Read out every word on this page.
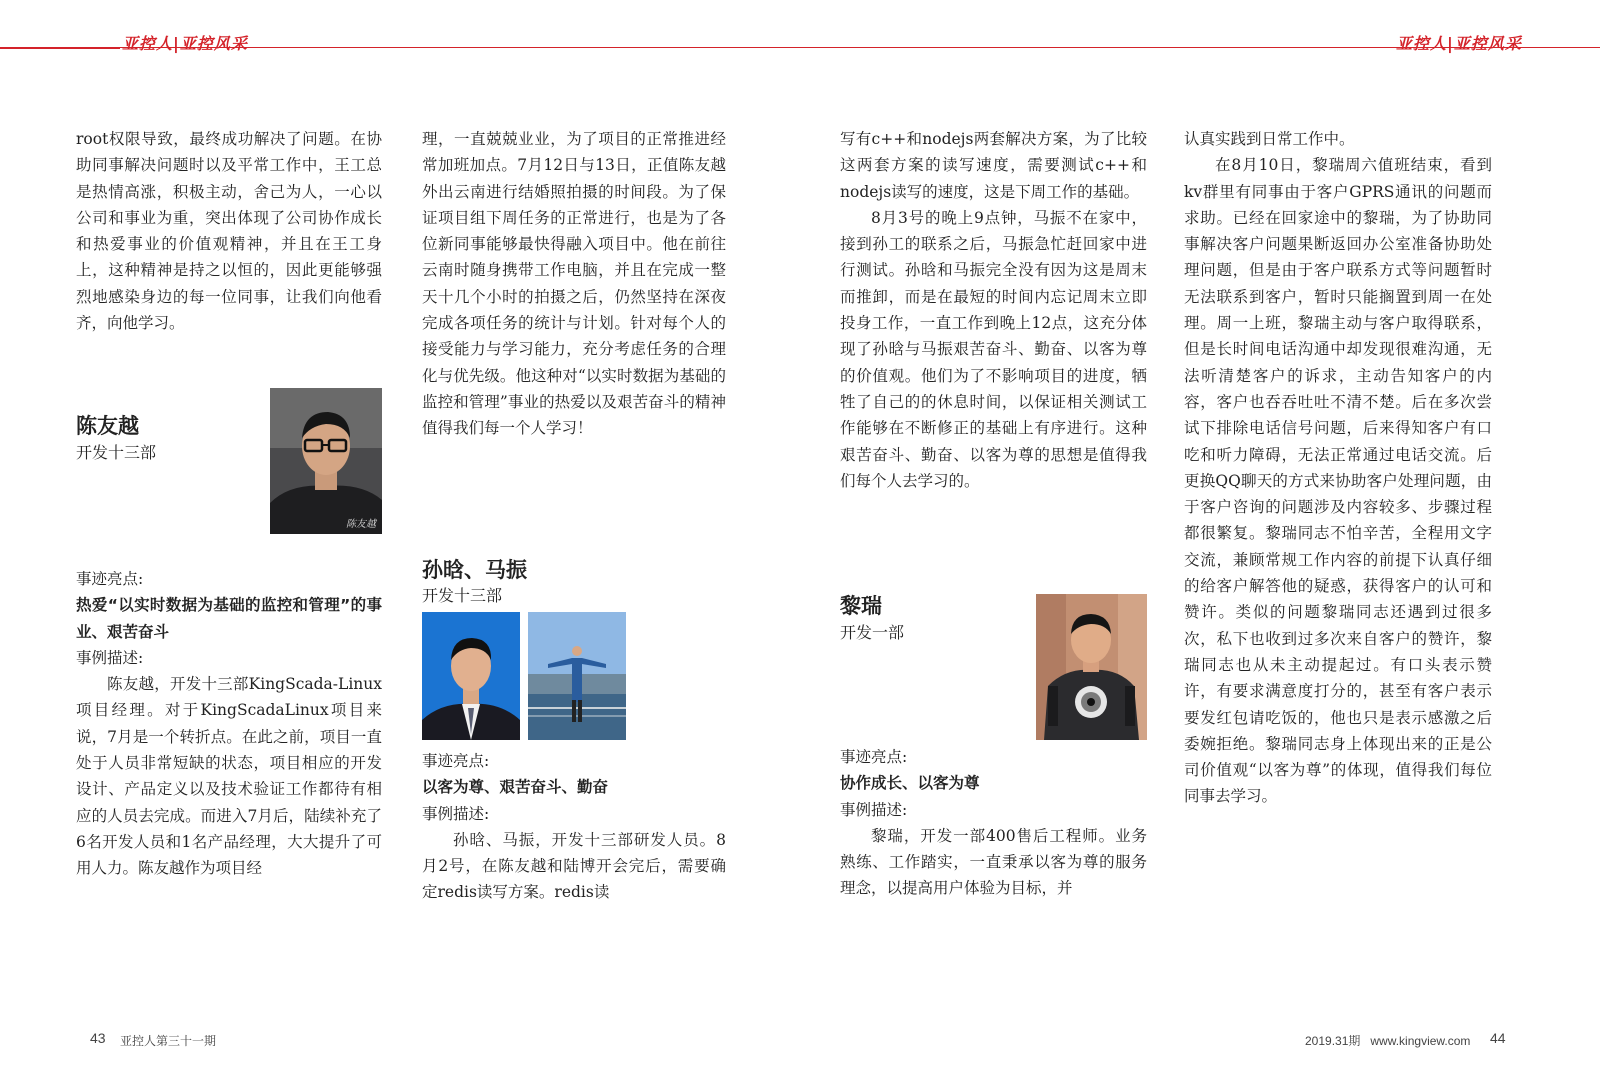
亚控人|亚控风采	亚控人|亚控风采

root权限导致，最终成功解决了问题。在协助同事解决问题时以及平常工作中，王工总是热情高涨，积极主动，舍己为人，一心以公司和事业为重，突出体现了公司协作成长和热爱事业的价值观精神，并且在王工身上，这种精神是持之以恒的，因此更能够强烈地感染身边的每一位同事，让我们向他看齐，向他学习。

陈友越
开发十三部
陈友越

事迹亮点:

热爱“以实时数据为基础的监控和管理”的事业、艰苦奋斗

事例描述:

陈友越，开发十三部KingScada-Linux项目经理。对于KingScadaLinux项目来说，7月是一个转折点。在此之前，项目一直处于人员非常短缺的状态，项目相应的开发设计、产品定义以及技术验证工作都待有相应的人员去完成。而进入7月后，陆续补充了6名开发人员和1名产品经理，大大提升了可用人力。陈友越作为项目经

理，一直兢兢业业，为了项目的正常推进经常加班加点。7月12日与13日，正值陈友越外出云南进行结婚照拍摄的时间段。为了保证项目组下周任务的正常进行，也是为了各位新同事能够最快得融入项目中。他在前往云南时随身携带工作电脑，并且在完成一整天十几个小时的拍摄之后，仍然坚持在深夜完成各项任务的统计与计划。针对每个人的接受能力与学习能力，充分考虑任务的合理化与优先级。他这种对“以实时数据为基础的监控和管理”事业的热爱以及艰苦奋斗的精神值得我们每一个人学习！

孙晗、马振
开发十三部

事迹亮点:

以客为尊、艰苦奋斗、勤奋

事例描述:

孙晗、马振，开发十三部研发人员。8月2号，在陈友越和陆博开会完后，需要确定redis读写方案。redis读

写有c++和nodejs两套解决方案，为了比较这两套方案的读写速度，需要测试c++和nodejs读写的速度，这是下周工作的基础。

8月3号的晚上9点钟，马振不在家中，接到孙工的联系之后，马振急忙赶回家中进行测试。孙晗和马振完全没有因为这是周末而推卸，而是在最短的时间内忘记周末立即投身工作，一直工作到晚上12点，这充分体现了孙晗与马振艰苦奋斗、勤奋、以客为尊的价值观。他们为了不影响项目的进度，牺牲了自己的的休息时间，以保证相关测试工作能够在不断修正的基础上有序进行。这种艰苦奋斗、勤奋、以客为尊的思想是值得我们每个人去学习的。

黎瑞
开发一部

事迹亮点:

协作成长、以客为尊

事例描述:

黎瑞，开发一部400售后工程师。业务熟练、工作踏实，一直秉承以客为尊的服务理念，以提高用户体验为目标，并

认真实践到日常工作中。

在8月10日，黎瑞周六值班结束，看到kv群里有同事由于客户GPRS通讯的问题而求助。已经在回家途中的黎瑞，为了协助同事解决客户问题果断返回办公室准备协助处理问题，但是由于客户联系方式等问题暂时无法联系到客户，暂时只能搁置到周一在处理。周一上班，黎瑞主动与客户取得联系，但是长时间电话沟通中却发现很难沟通，无法听清楚客户的诉求，主动告知客户的内容，客户也吞吞吐吐不清不楚。后在多次尝试下排除电话信号问题，后来得知客户有口吃和听力障碍，无法正常通过电话交流。后更换QQ聊天的方式来协助客户处理问题，由于客户咨询的问题涉及内容较多、步骤过程都很繁复。黎瑞同志不怕辛苦，全程用文字交流，兼顾常规工作内容的前提下认真仔细的给客户解答他的疑惑，获得客户的认可和赞许。类似的问题黎瑞同志还遇到过很多次，私下也收到过多次来自客户的赞许，黎瑞同志也从未主动提起过。有口头表示赞许，有要求满意度打分的，甚至有客户表示要发红包请吃饭的，他也只是表示感激之后委婉拒绝。黎瑞同志身上体现出来的正是公司价值观“以客为尊”的体现，值得我们每位同事去学习。

43 亚控人第三十一期	2019.31期   www.kingview.com 44
